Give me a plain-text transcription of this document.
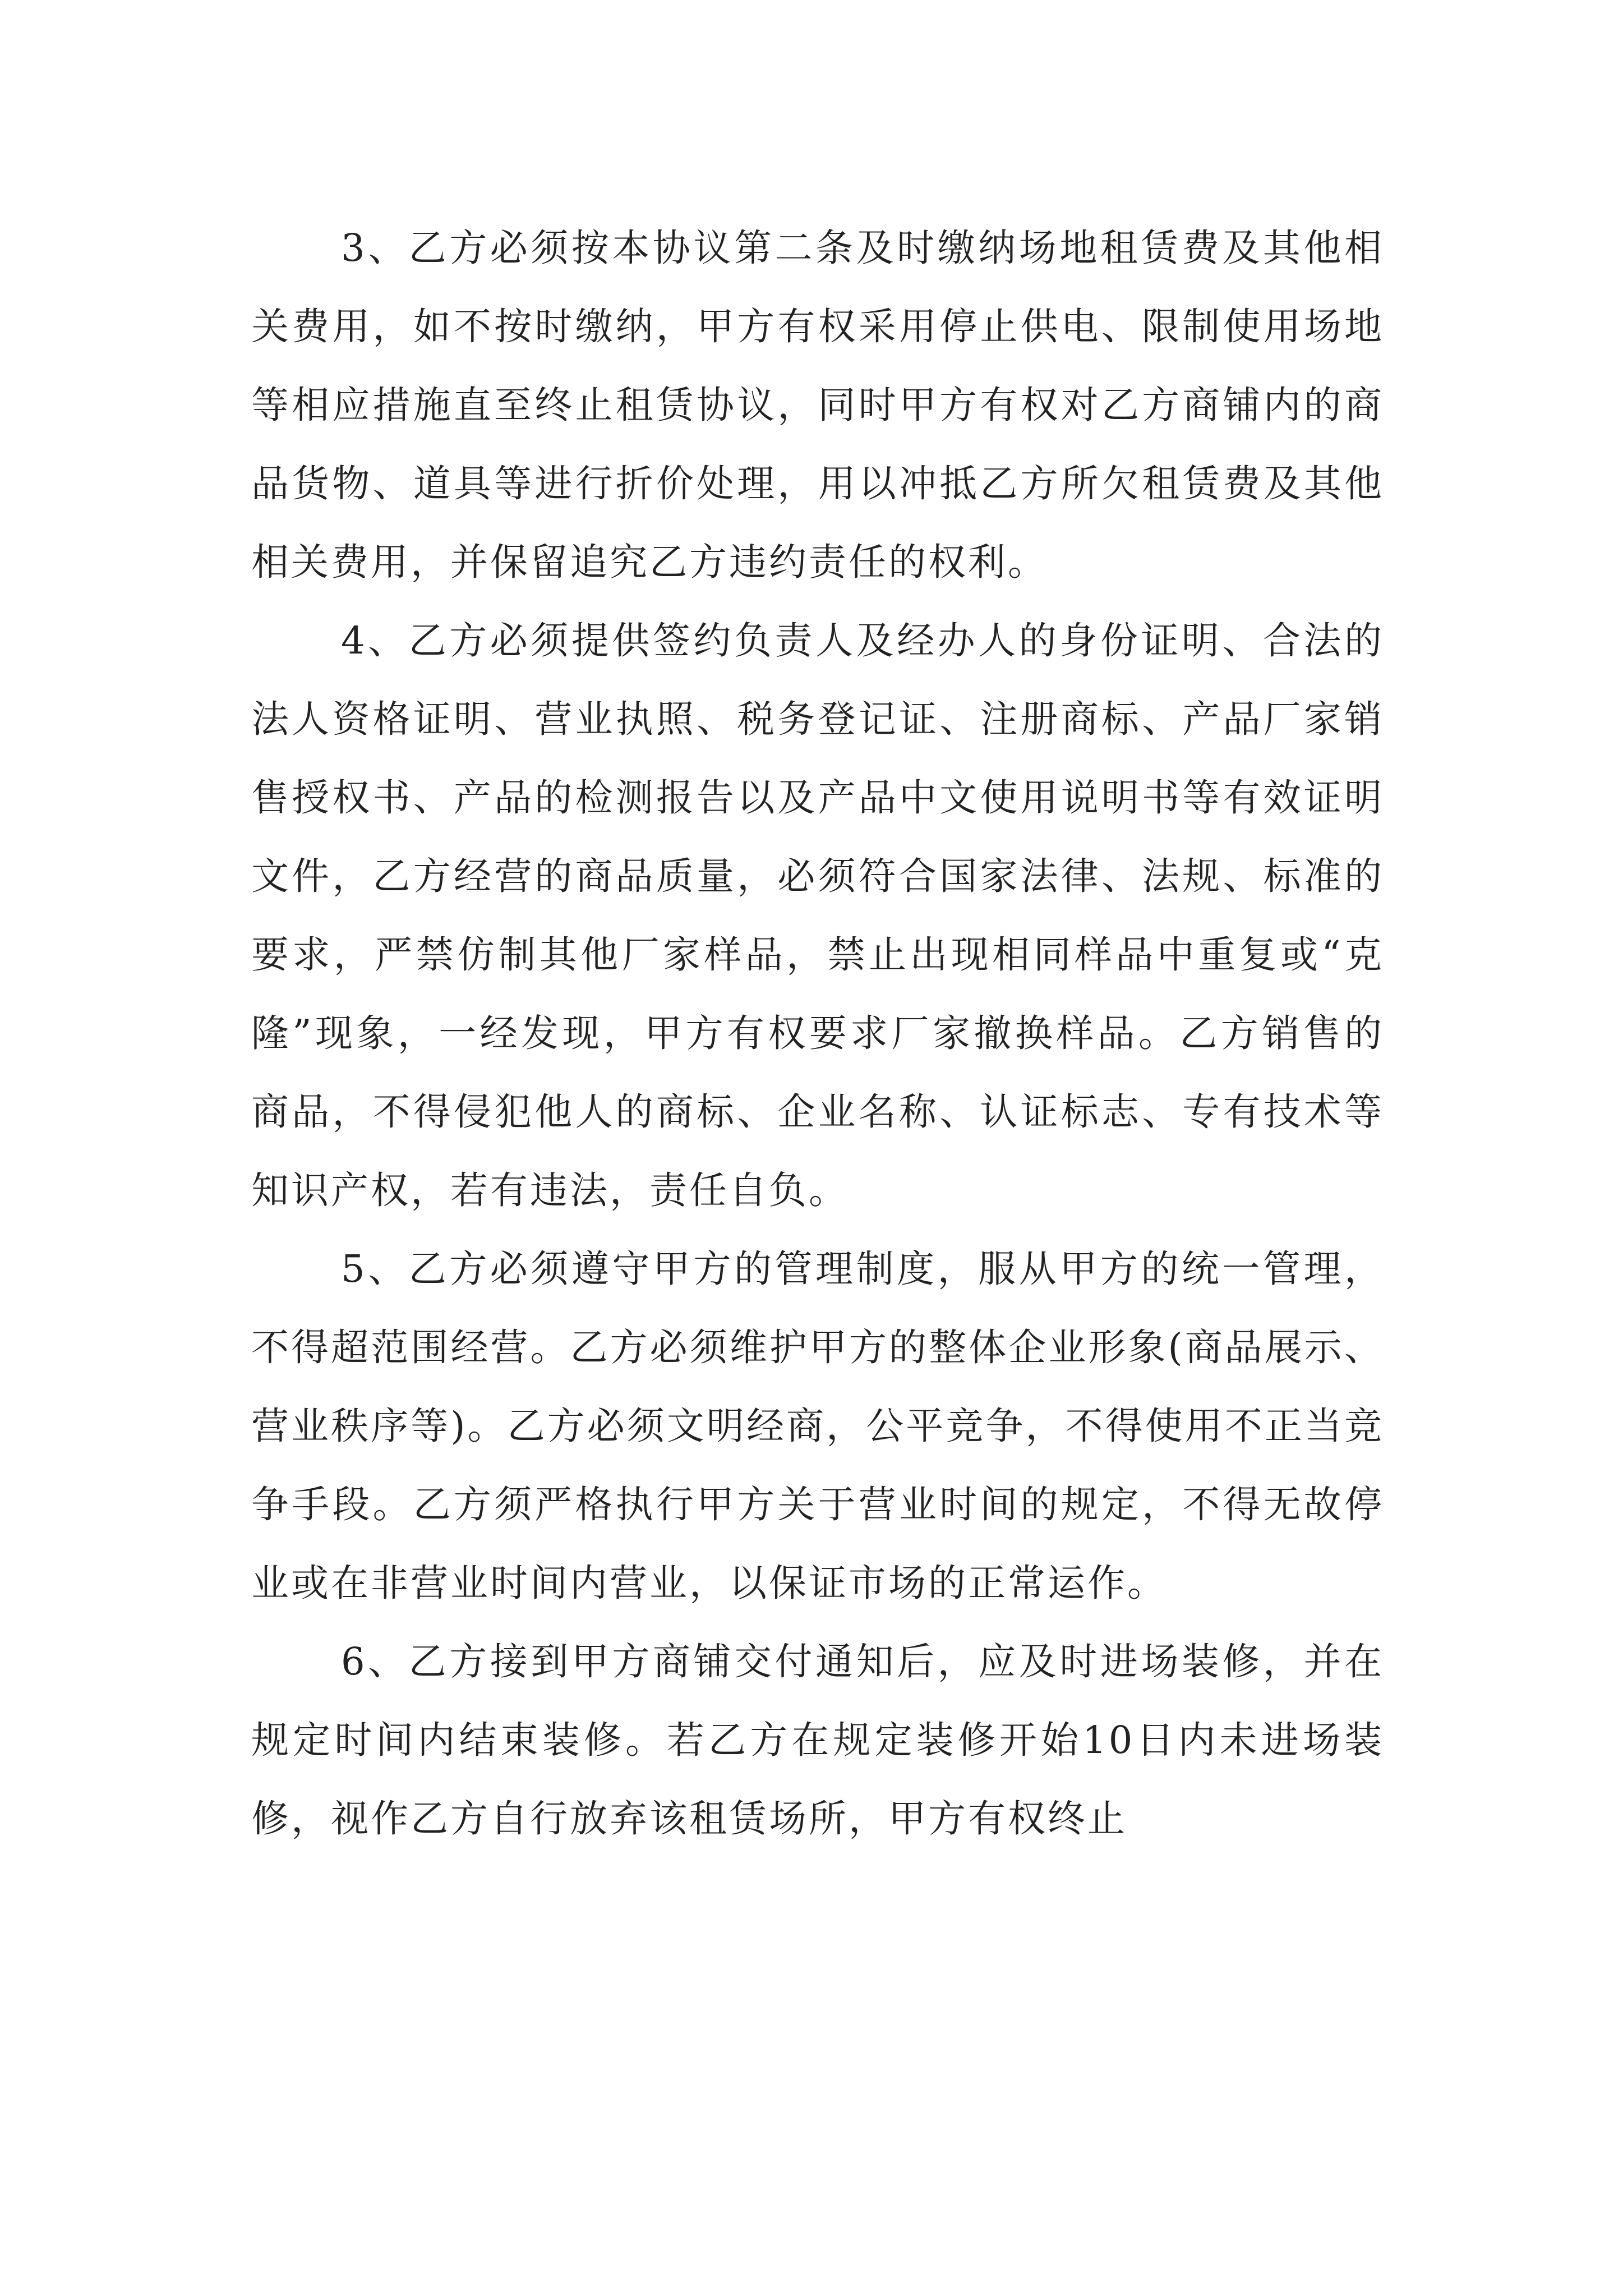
3、乙方必须按本协议第二条及时缴纳场地租赁费及其他相关费用，如不按时缴纳，甲方有权采用停止供电、限制使用场地等相应措施直至终止租赁协议，同时甲方有权对乙方商铺内的商品货物、道具等进行折价处理，用以冲抵乙方所欠租赁费及其他相关费用，并保留追究乙方违约责任的权利。

4、乙方必须提供签约负责人及经办人的身份证明、合法的法人资格证明、营业执照、税务登记证、注册商标、产品厂家销售授权书、产品的检测报告以及产品中文使用说明书等有效证明文件，乙方经营的商品质量，必须符合国家法律、法规、标准的要求，严禁仿制其他厂家样品，禁止出现相同样品中重复或“克隆”现象，一经发现，甲方有权要求厂家撤换样品。乙方销售的商品，不得侵犯他人的商标、企业名称、认证标志、专有技术等知识产权，若有违法，责任自负。

5、乙方必须遵守甲方的管理制度，服从甲方的统一管理，不得超范围经营。乙方必须维护甲方的整体企业形象(商品展示、营业秩序等)。乙方必须文明经商，公平竞争，不得使用不正当竞争手段。乙方须严格执行甲方关于营业时间的规定，不得无故停业或在非营业时间内营业，以保证市场的正常运作。

6、乙方接到甲方商铺交付通知后，应及时进场装修，并在规定时间内结束装修。若乙方在规定装修开始10日内未进场装修，视作乙方自行放弃该租赁场所，甲方有权终止
